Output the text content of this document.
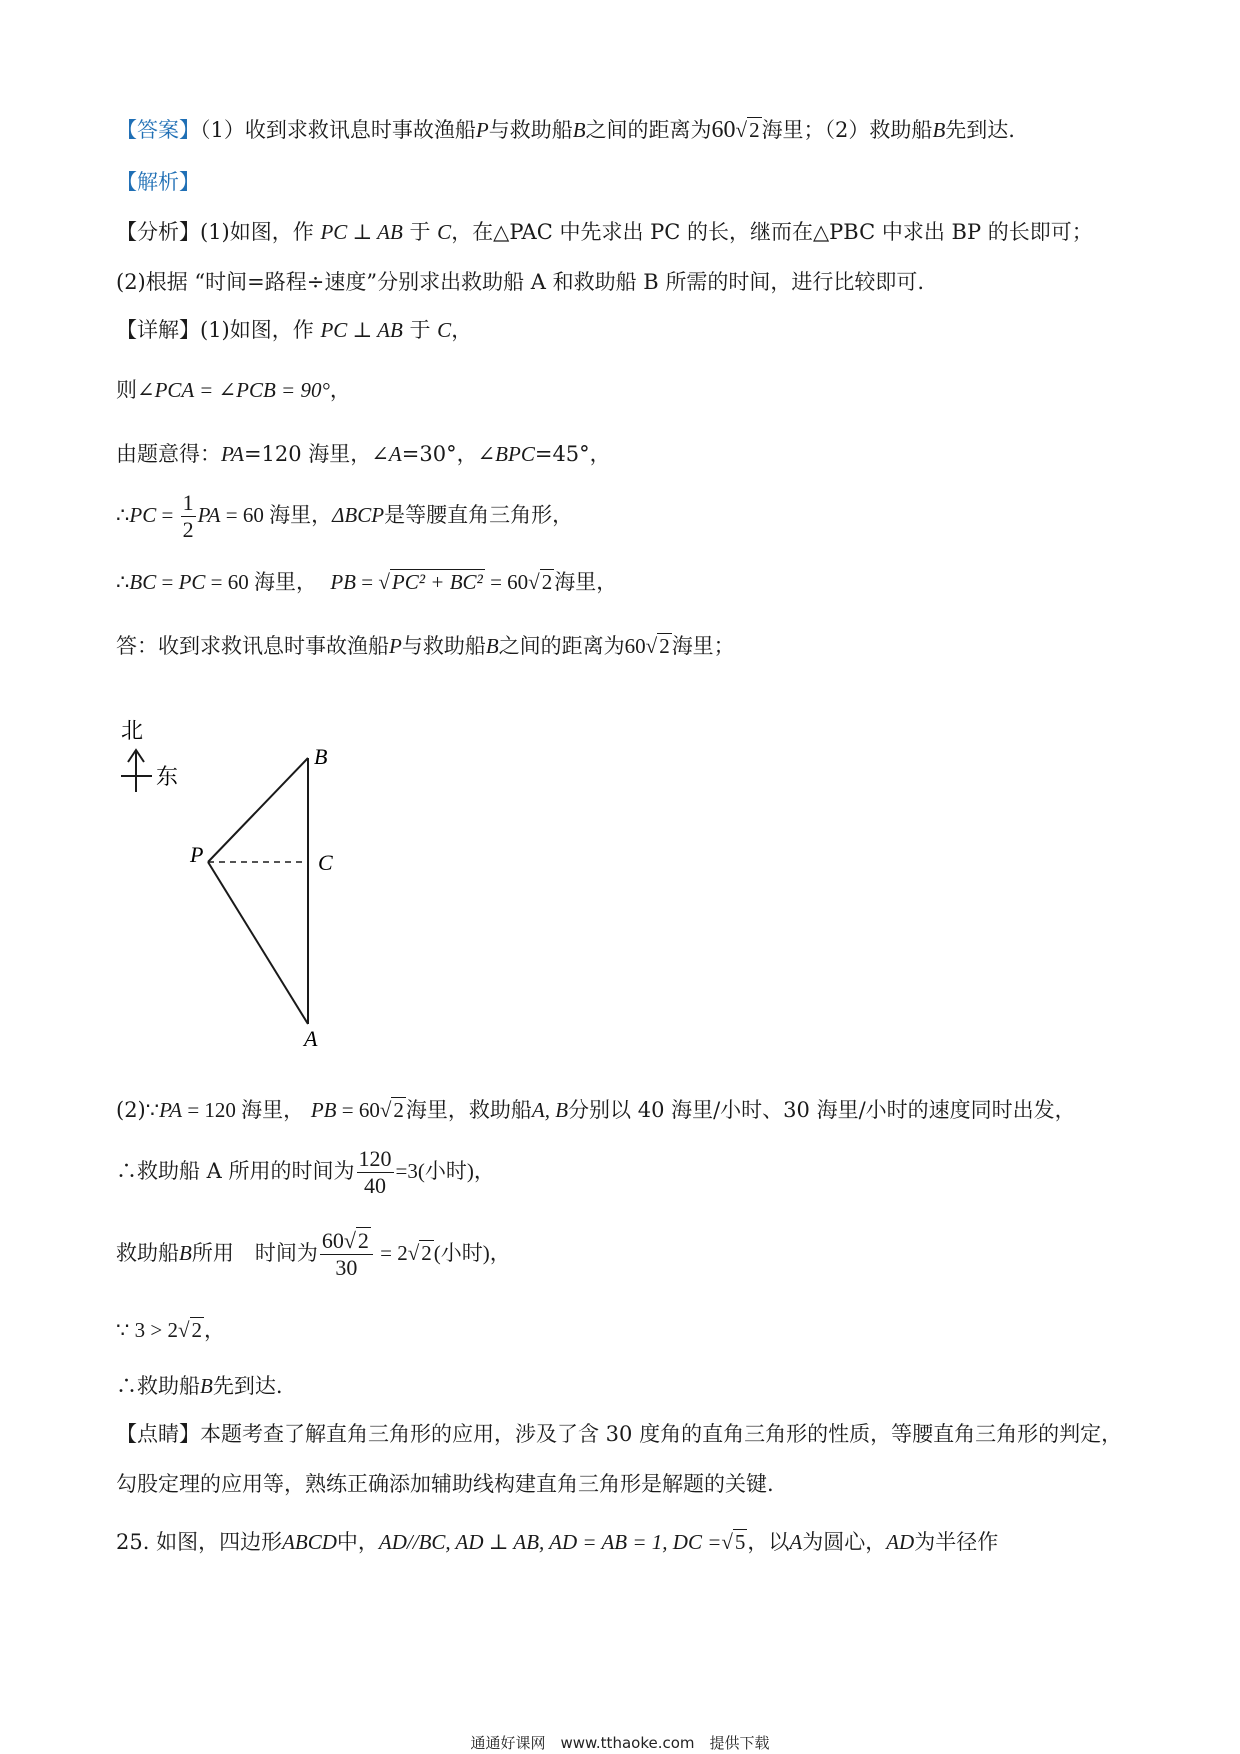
【答案】（1）收到求救讯息时事故渔船P与救助船B之间的距离为60√2海里；（2）救助船B先到达.
【解析】
【分析】(1)如图，作 PC ⊥ AB 于 C，在△PAC 中先求出 PC 的长，继而在△PBC 中求出 BP 的长即可；
(2)根据 “时间=路程÷速度”分别求出救助船 A 和救助船 B 所需的时间，进行比较即可.
【详解】(1)如图，作 PC ⊥ AB 于 C，
则∠PCA = ∠PCB = 90°，
由题意得：PA=120 海里，∠A=30°，∠BPC=45°，
∴PC = $\frac{1}{2}$ PA = 60 海里，ΔBCP是等腰直角三角形，
∴BC = PC = 60 海里， PB = √PC² + BC² = 60√2海里，
答：收到求救讯息时事故渔船P与救助船B之间的距离为60√2海里；
北
东
B
P	C
A
(2)∵PA = 120 海里， PB = 60√2海里，救助船A, B分别以 40 海里/小时、30 海里/小时的速度同时出发，
∴救助船 A 所用的时间为 $\frac{120}{40} =3$(小时)，
救助船B所用　时间为 $\frac{60√2}{30} = 2√2$(小时)，
∵ 3 > 2√2，
∴救助船B先到达.
【点睛】本题考查了解直角三角形的应用，涉及了含 30 度角的直角三角形的性质，等腰直角三角形的判定，
勾股定理的应用等，熟练正确添加辅助线构建直角三角形是解题的关键.
25. 如图，四边形ABCD中，AD//BC, AD ⊥ AB, AD = AB = 1, DC =√5，以A为圆心，AD为半径作
通通好课网　www.tthaoke.com　提供下载
